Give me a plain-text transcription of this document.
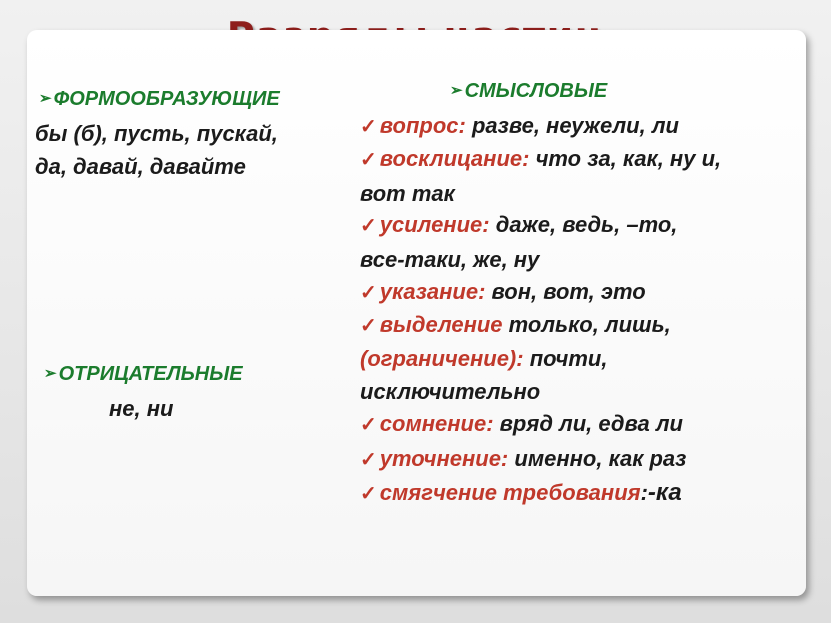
➢ ФОРМООБРАЗУЮЩИЕ
бы (б), пусть, пускай,
да, давай, давайте
➢ ОТРИЦАТЕЛЬНЫЕ
не, ни
➢ СМЫСЛОВЫЕ
✓ вопрос: разве, неужели, ли
✓ восклицание: что за, как, ну и,
вот так
✓ усиление: даже, ведь, –то,
все-таки, же, ну
✓ указание: вон, вот, это
✓ выделение только, лишь,
(ограничение): почти,
исключительно
✓ сомнение: вряд ли, едва ли
✓ уточнение: именно, как раз
✓ смягчение требования:-ка
